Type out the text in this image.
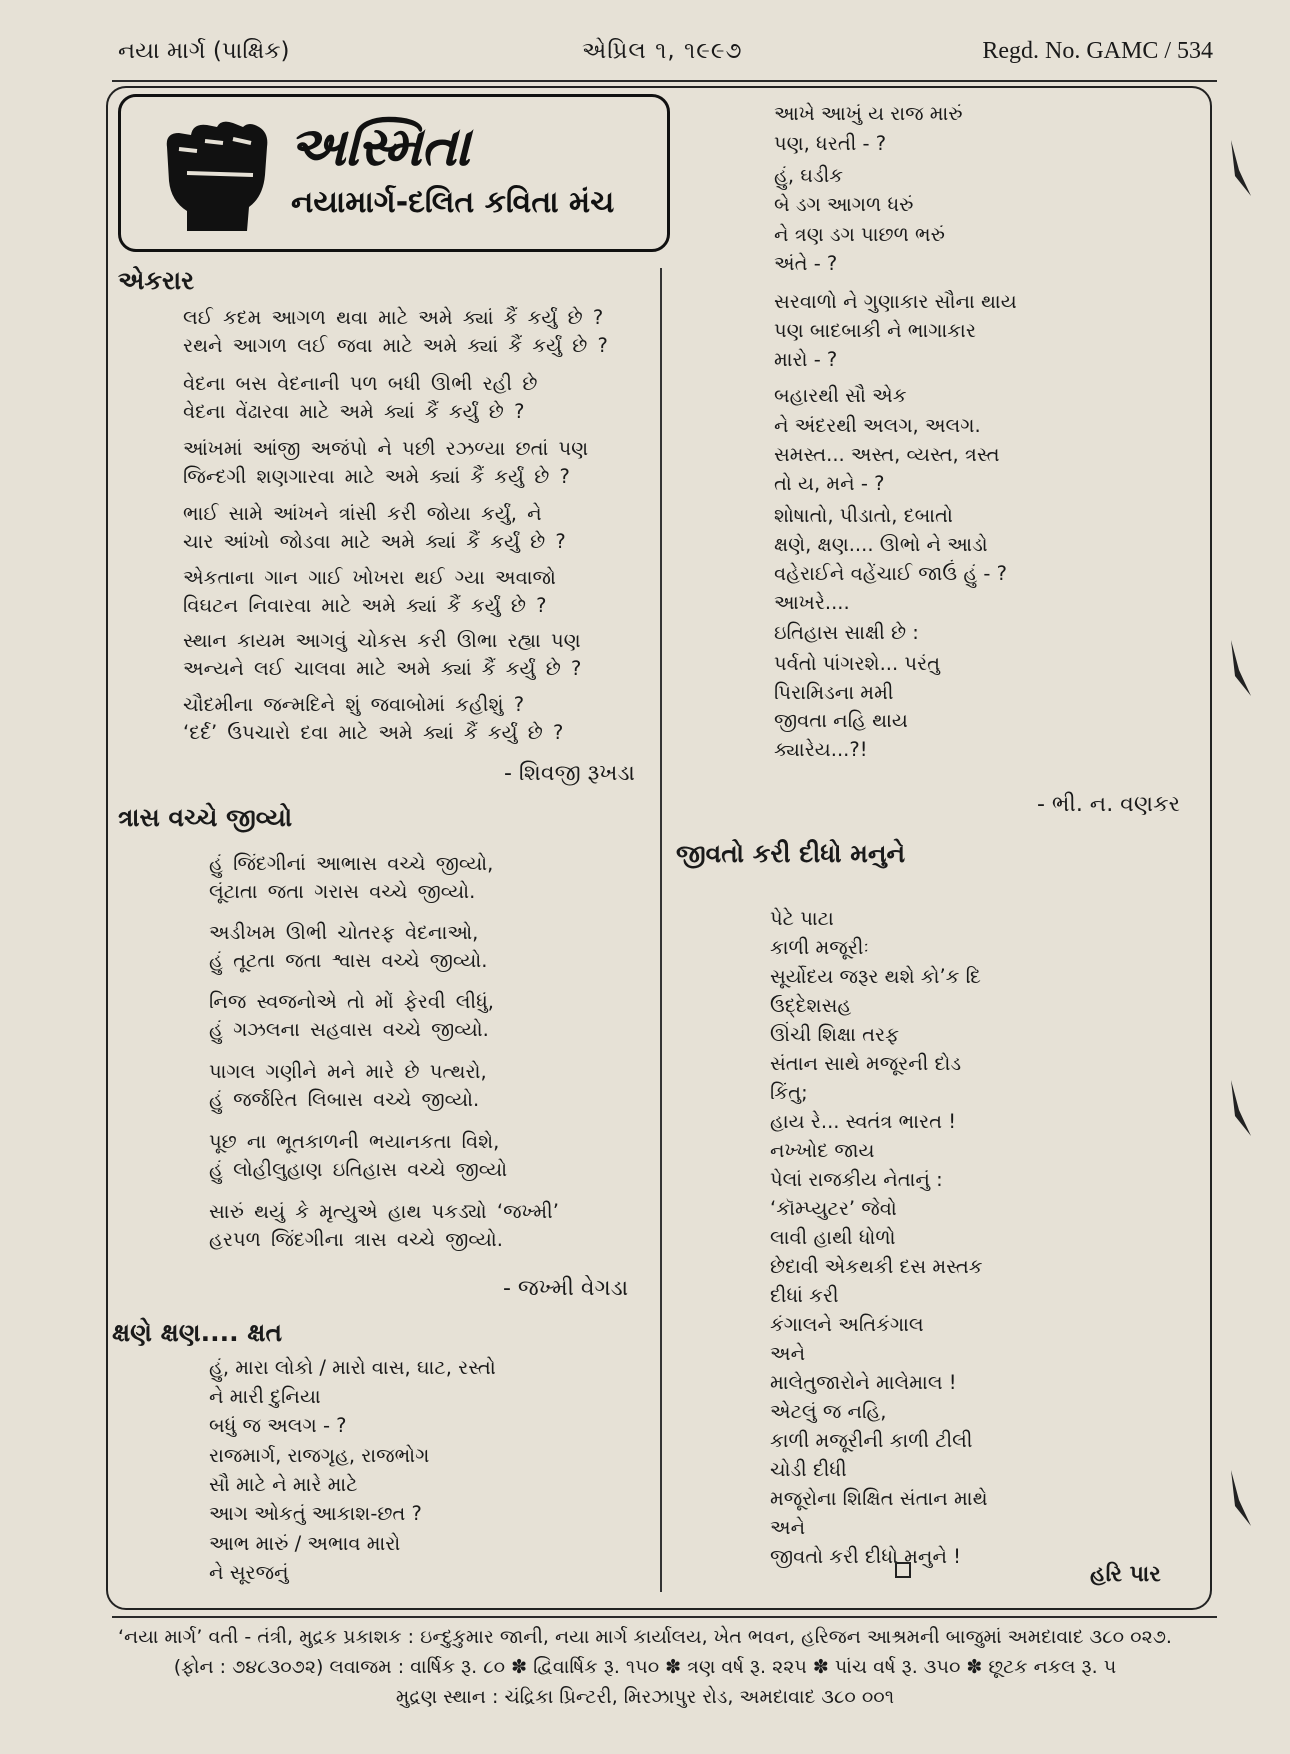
નયા માર્ગ (પાક્ષિક)	એપ્રિલ ૧, ૧૯૯૭	Regd. No. GAMC / 534
અસ્મિતા
નયામાર્ગ-દલિત કવિતા મંચ
એકરાર
લઈ કદમ આગળ થવા માટે અમે ક્યાં કૈં કર્યું છે ?
રથને આગળ લઈ જવા માટે અમે ક્યાં કૈં કર્યું છે ?
વેદના બસ વેદનાની પળ બધી ઊભી રહી છે
વેદના વેંઢારવા માટે અમે ક્યાં કૈં કર્યું છે ?
આંખમાં આંજી અજંપો ને પછી રઝળ્યા છતાં પણ
જિન્દગી શણગારવા માટે અમે ક્યાં કૈં કર્યું છે ?
ભાઈ સામે આંખને ત્રાંસી કરી જોયા કર્યું, ને
ચાર આંખો જોડવા માટે અમે ક્યાં કૈં કર્યું છે ?
એકતાના ગાન ગાઈ ખોખરા થઈ ગ્યા અવાજો
વિઘટન નિવારવા માટે અમે ક્યાં કૈં કર્યું છે ?
સ્થાન કાયમ આગવું ચોકસ કરી ઊભા રહ્યા પણ
અન્યને લઈ ચાલવા માટે અમે ક્યાં કૈં કર્યું છે ?
ચૌદમીના જન્મદિને શું જવાબોમાં કહીશું ?
‘દર્દ’ ઉપચારો દવા માટે અમે ક્યાં કૈં કર્યું છે ?
- શિવજી રૂખડા
ત્રાસ વચ્ચે જીવ્યો
હું જિંદગીનાં આભાસ વચ્ચે જીવ્યો,
લૂંટાતા જતા ગરાસ વચ્ચે જીવ્યો.
અડીખમ ઊભી ચોતરફ વેદનાઓ,
હું તૂટતા જતા શ્વાસ વચ્ચે જીવ્યો.
નિજ સ્વજનોએ તો મોં ફેરવી લીધું,
હું ગઝલના સહવાસ વચ્ચે જીવ્યો.
પાગલ ગણીને મને મારે છે પત્થરો,
હું જર્જરિત લિબાસ વચ્ચે જીવ્યો.
પૂછ ના ભૂતકાળની ભયાનકતા વિશે,
હું લોહીલુહાણ ઇતિહાસ વચ્ચે જીવ્યો
સારું થયું કે મૃત્યુએ હાથ પકડ્યો ‘જખ્મી’
હરપળ જિંદગીના ત્રાસ વચ્ચે જીવ્યો.
- જખ્મી વેગડા
ક્ષણે ક્ષણ.... ક્ષત
હું, મારા લોકો / મારો વાસ, ઘાટ, રસ્તો
ને મારી દુનિયા
બધું જ અલગ - ?
રાજમાર્ગ, રાજગૃહ, રાજભોગ
સૌ માટે ને મારે માટે
આગ ઓકતું આકાશ-છત ?
આભ મારું / અભાવ મારો
ને સૂરજનું
આખે આખું ય રાજ મારું
પણ, ધરતી - ?
હું, ઘડીક
બે ડગ આગળ ધરું
ને ત્રણ ડગ પાછળ ભરું
અંતે - ?
સરવાળો ને ગુણાકાર સૌના થાય
પણ બાદબાકી ને ભાગાકાર
મારો - ?
બહારથી સૌ એક
ને અંદરથી અલગ, અલગ.
સમસ્ત... અસ્ત, વ્યસ્ત, ત્રસ્ત
તો ય, મને - ?
શોષાતો, પીડાતો, દબાતો
ક્ષણે, ક્ષણ.... ઊભો ને આડો
વહેરાઈને વહેંચાઈ જાઉં હું - ?
આખરે....
ઇતિહાસ સાક્ષી છે :
પર્વતો પાંગરશે... પરંતુ
પિરામિડના મમી
જીવતા નહિ થાય
ક્યારેય...?!
- ભી. ન. વણકર
જીવતો કરી દીધો મનુને
પેટે પાટા
કાળી મજૂરીઃ
સૂર્યોદય જરૂર થશે કો’ક દિ
ઉદ્દેશસહ
ઊંચી શિક્ષા તરફ
સંતાન સાથે મજૂરની દોડ
કિંતુ;
હાય રે... સ્વતંત્ર ભારત !
નખ્ખોદ જાય
પેલાં રાજકીય નેતાનું :
‘કૉમ્પ્યુટર’ જેવો
લાવી હાથી ધોળો
છેદાવી એકથકી દસ મસ્તક
દીધાં કરી
કંગાલને અતિકંગાલ
અને
માલેતુજારોને માલેમાલ !
એટલું જ નહિ,
કાળી મજૂરીની કાળી ટીલી
ચોડી દીધી
મજૂરોના શિક્ષિત સંતાન માથે
અને
જીવતો કરી દીધો મનુને !
હરિ પાર
‘નયા માર્ગ’ વતી - તંત્રી, મુદ્રક પ્રકાશક : ઇન્દુકુમાર જાની, નયા માર્ગ કાર્યાલય, ખેત ભવન, હરિજન આશ્રમની બાજુમાં અમદાવાદ ૩૮૦ ૦૨૭.
(ફોન : ૭૪૮૩૦૭૨) લવાજમ : વાર્ષિક રૂ. ૮૦ ✽ દ્વિવાર્ષિક રૂ. ૧૫૦ ✽ ત્રણ વર્ષ રૂ. ૨૨૫ ✽ પાંચ વર્ષ રૂ. ૩૫૦ ✽ છૂટક નકલ રૂ. ૫
મુદ્રણ સ્થાન : ચંદ્રિકા પ્રિન્ટરી, મિરઝાપુર રોડ, અમદાવાદ ૩૮૦ ૦૦૧
